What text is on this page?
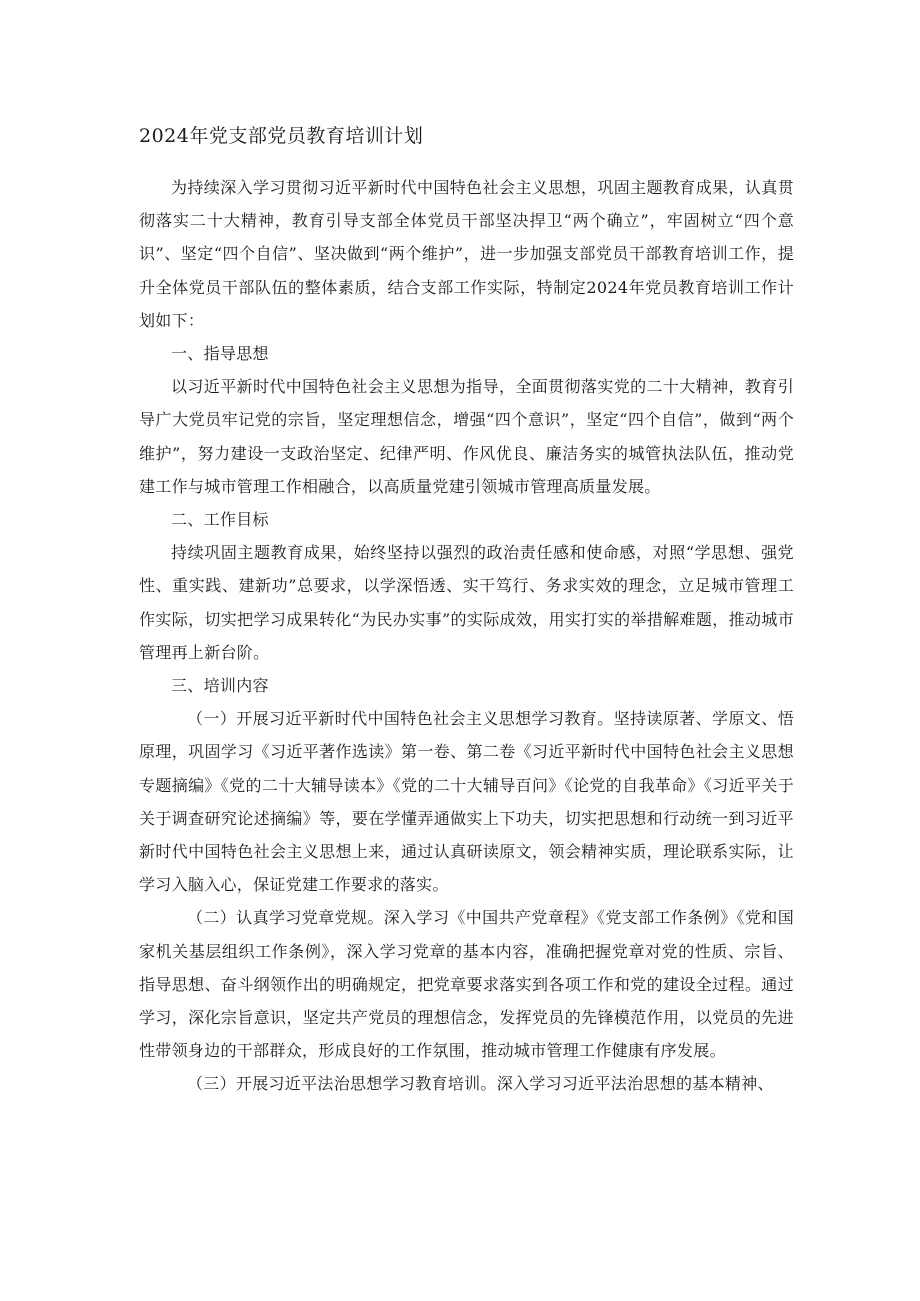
2024年党支部党员教育培训计划

为持续深入学习贯彻习近平新时代中国特色社会主义思想，巩固主题教育成果，认真贯彻落实二十大精神，教育引导支部全体党员干部坚决捍卫“两个确立”，牢固树立“四个意识”、坚定“四个自信”、坚决做到“两个维护”，进一步加强支部党员干部教育培训工作，提升全体党员干部队伍的整体素质，结合支部工作实际，特制定2024年党员教育培训工作计划如下：

一、指导思想

以习近平新时代中国特色社会主义思想为指导，全面贯彻落实党的二十大精神，教育引导广大党员牢记党的宗旨，坚定理想信念，增强“四个意识”，坚定“四个自信”，做到“两个维护”，努力建设一支政治坚定、纪律严明、作风优良、廉洁务实的城管执法队伍，推动党建工作与城市管理工作相融合，以高质量党建引领城市管理高质量发展。

二、工作目标

持续巩固主题教育成果，始终坚持以强烈的政治责任感和使命感，对照“学思想、强党性、重实践、建新功”总要求，以学深悟透、实干笃行、务求实效的理念，立足城市管理工作实际，切实把学习成果转化“为民办实事”的实际成效，用实打实的举措解难题，推动城市管理再上新台阶。

三、培训内容

（一）开展习近平新时代中国特色社会主义思想学习教育。坚持读原著、学原文、悟原理，巩固学习《习近平著作选读》第一卷、第二卷《习近平新时代中国特色社会主义思想专题摘编》《党的二十大辅导读本》《党的二十大辅导百问》《论党的自我革命》《习近平关于关于调查研究论述摘编》等，要在学懂弄通做实上下功夫，切实把思想和行动统一到习近平新时代中国特色社会主义思想上来，通过认真研读原文，领会精神实质，理论联系实际，让学习入脑入心，保证党建工作要求的落实。

（二）认真学习党章党规。深入学习《中国共产党章程》《党支部工作条例》《党和国家机关基层组织工作条例》，深入学习党章的基本内容，准确把握党章对党的性质、宗旨、指导思想、奋斗纲领作出的明确规定，把党章要求落实到各项工作和党的建设全过程。通过学习，深化宗旨意识，坚定共产党员的理想信念，发挥党员的先锋模范作用，以党员的先进性带领身边的干部群众，形成良好的工作氛围，推动城市管理工作健康有序发展。

（三）开展习近平法治思想学习教育培训。深入学习习近平法治思想的基本精神、
